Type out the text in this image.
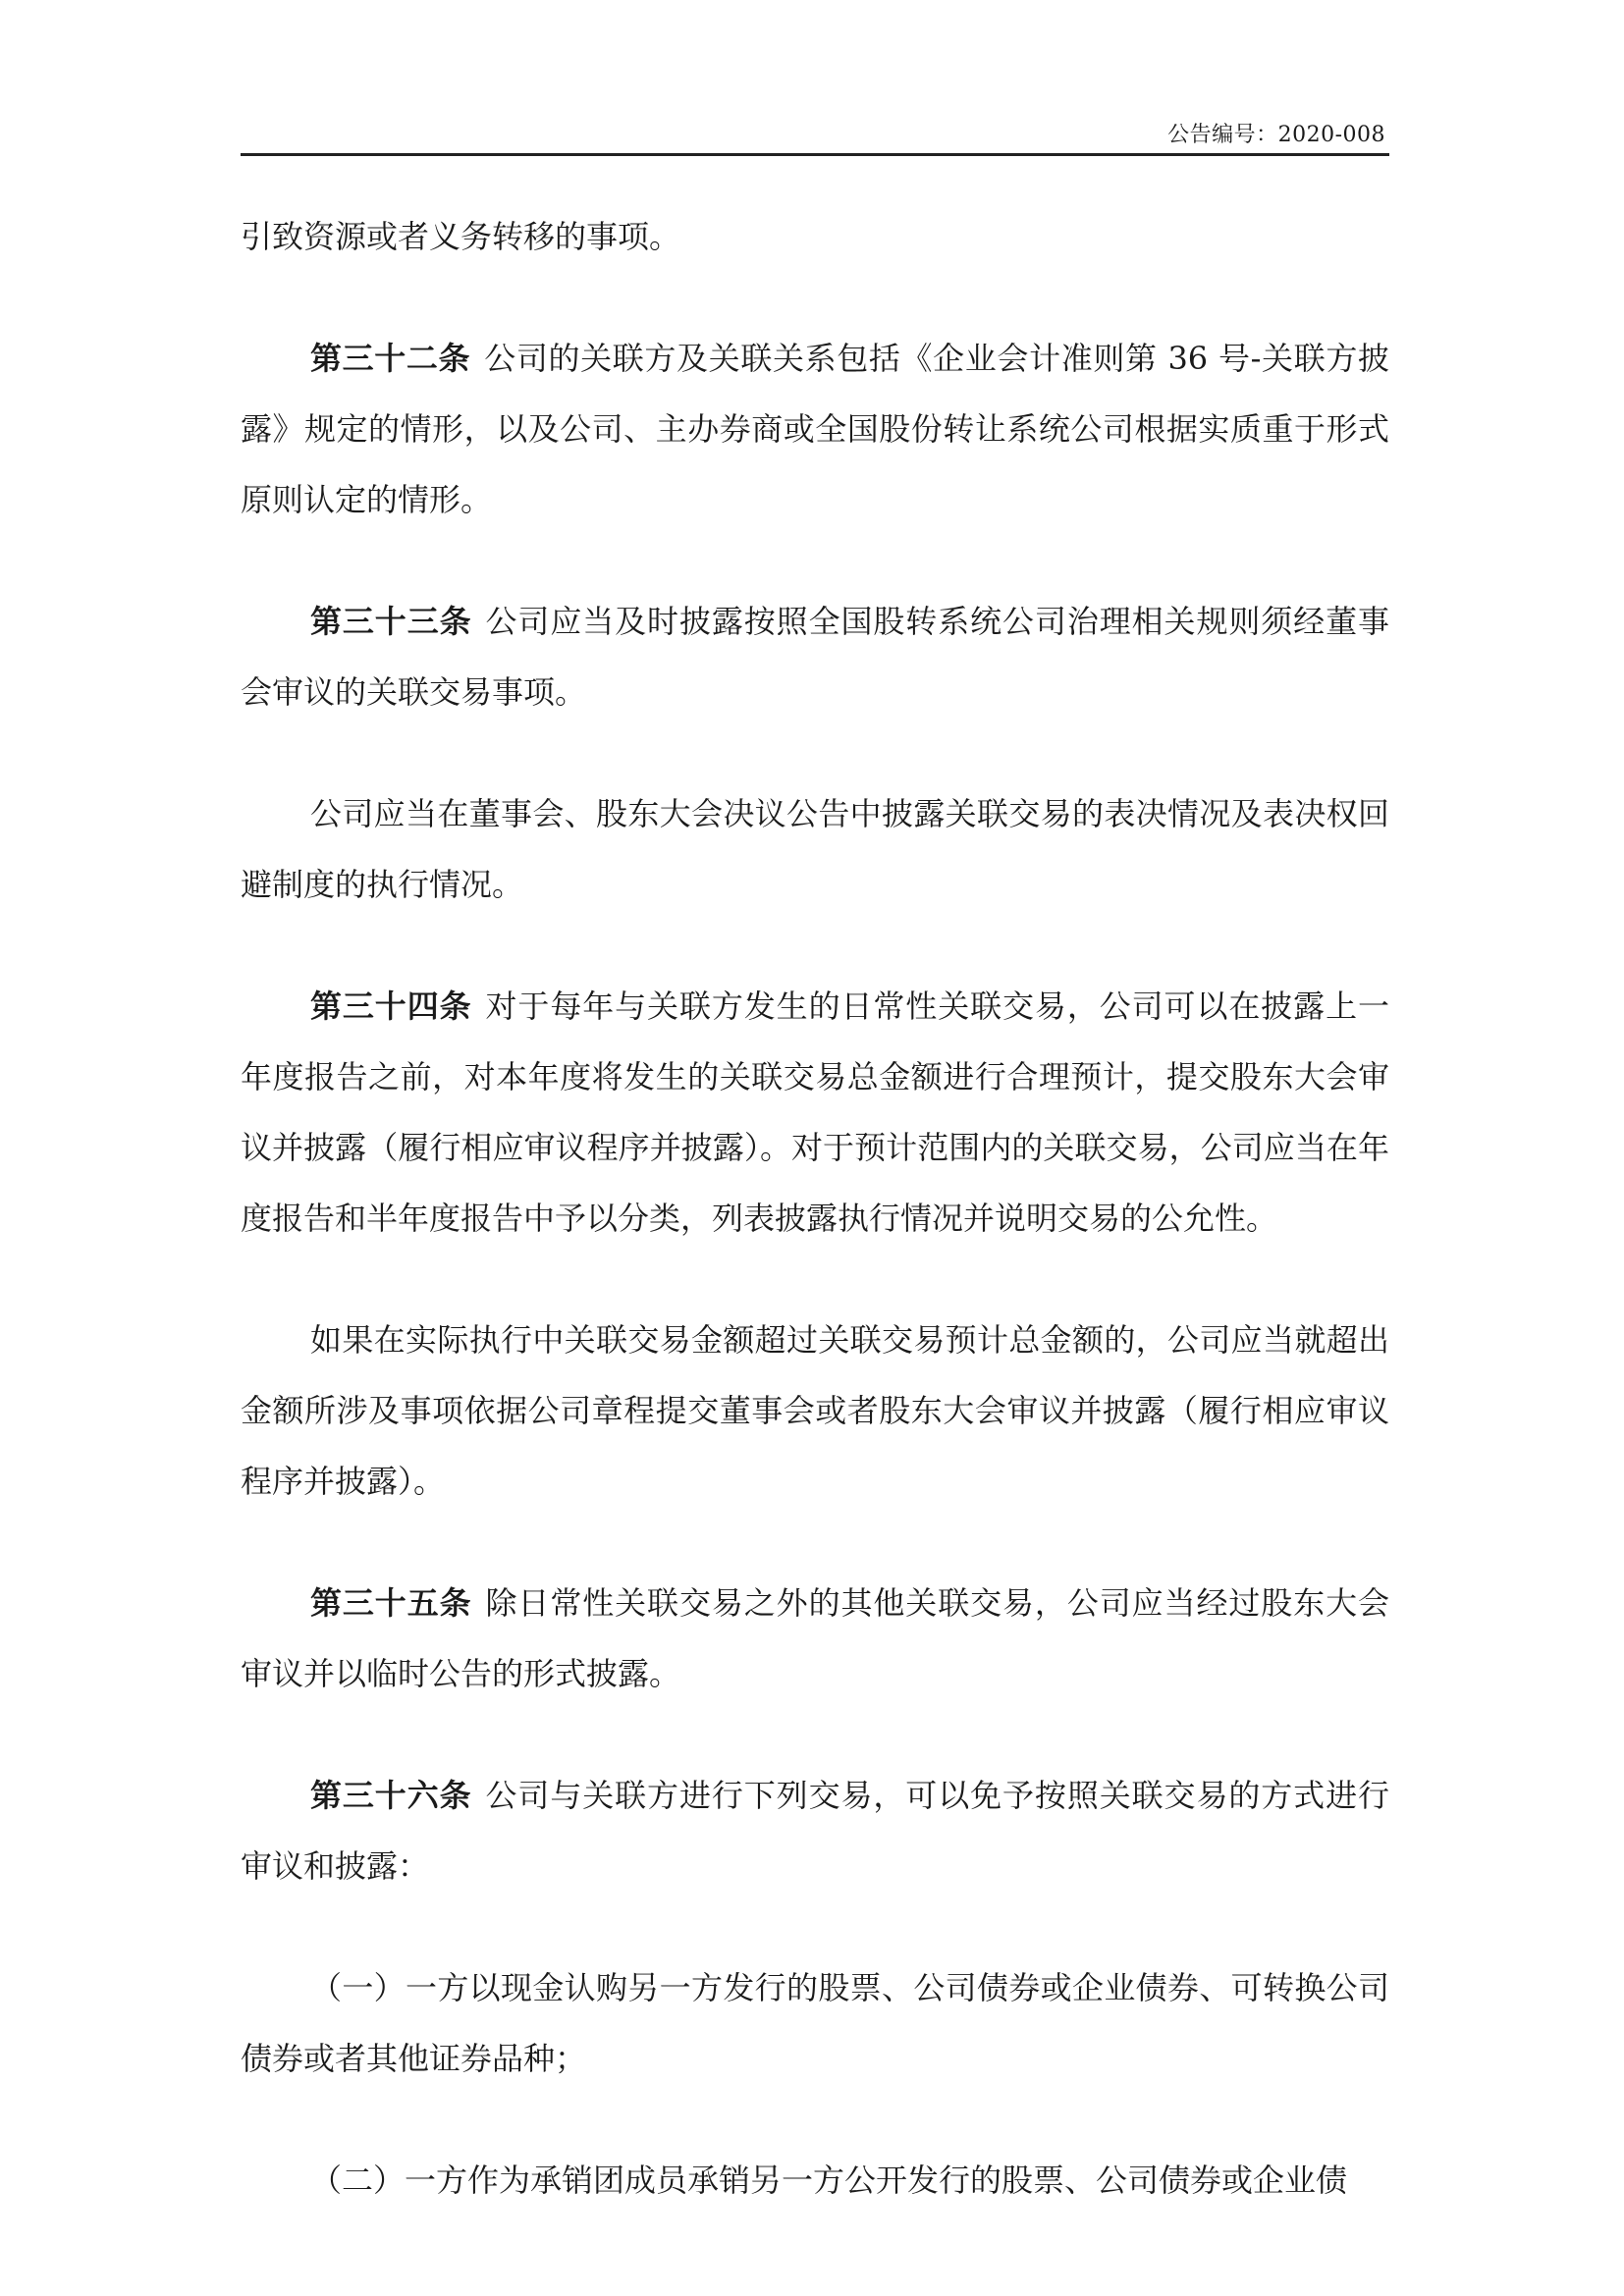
公告编号：2020-008

引致资源或者义务转移的事项。

第三十二条 公司的关联方及关联关系包括《企业会计准则第 36 号-关联方披露》规定的情形，以及公司、主办券商或全国股份转让系统公司根据实质重于形式原则认定的情形。

第三十三条 公司应当及时披露按照全国股转系统公司治理相关规则须经董事会审议的关联交易事项。

公司应当在董事会、股东大会决议公告中披露关联交易的表决情况及表决权回避制度的执行情况。

第三十四条 对于每年与关联方发生的日常性关联交易，公司可以在披露上一年度报告之前，对本年度将发生的关联交易总金额进行合理预计，提交股东大会审议并披露（履行相应审议程序并披露）。对于预计范围内的关联交易，公司应当在年度报告和半年度报告中予以分类，列表披露执行情况并说明交易的公允性。

如果在实际执行中关联交易金额超过关联交易预计总金额的，公司应当就超出金额所涉及事项依据公司章程提交董事会或者股东大会审议并披露（履行相应审议程序并披露）。

第三十五条 除日常性关联交易之外的其他关联交易，公司应当经过股东大会审议并以临时公告的形式披露。

第三十六条 公司与关联方进行下列交易，可以免予按照关联交易的方式进行审议和披露：

（一）一方以现金认购另一方发行的股票、公司债券或企业债券、可转换公司债券或者其他证券品种；

（二）一方作为承销团成员承销另一方公开发行的股票、公司债券或企业债
